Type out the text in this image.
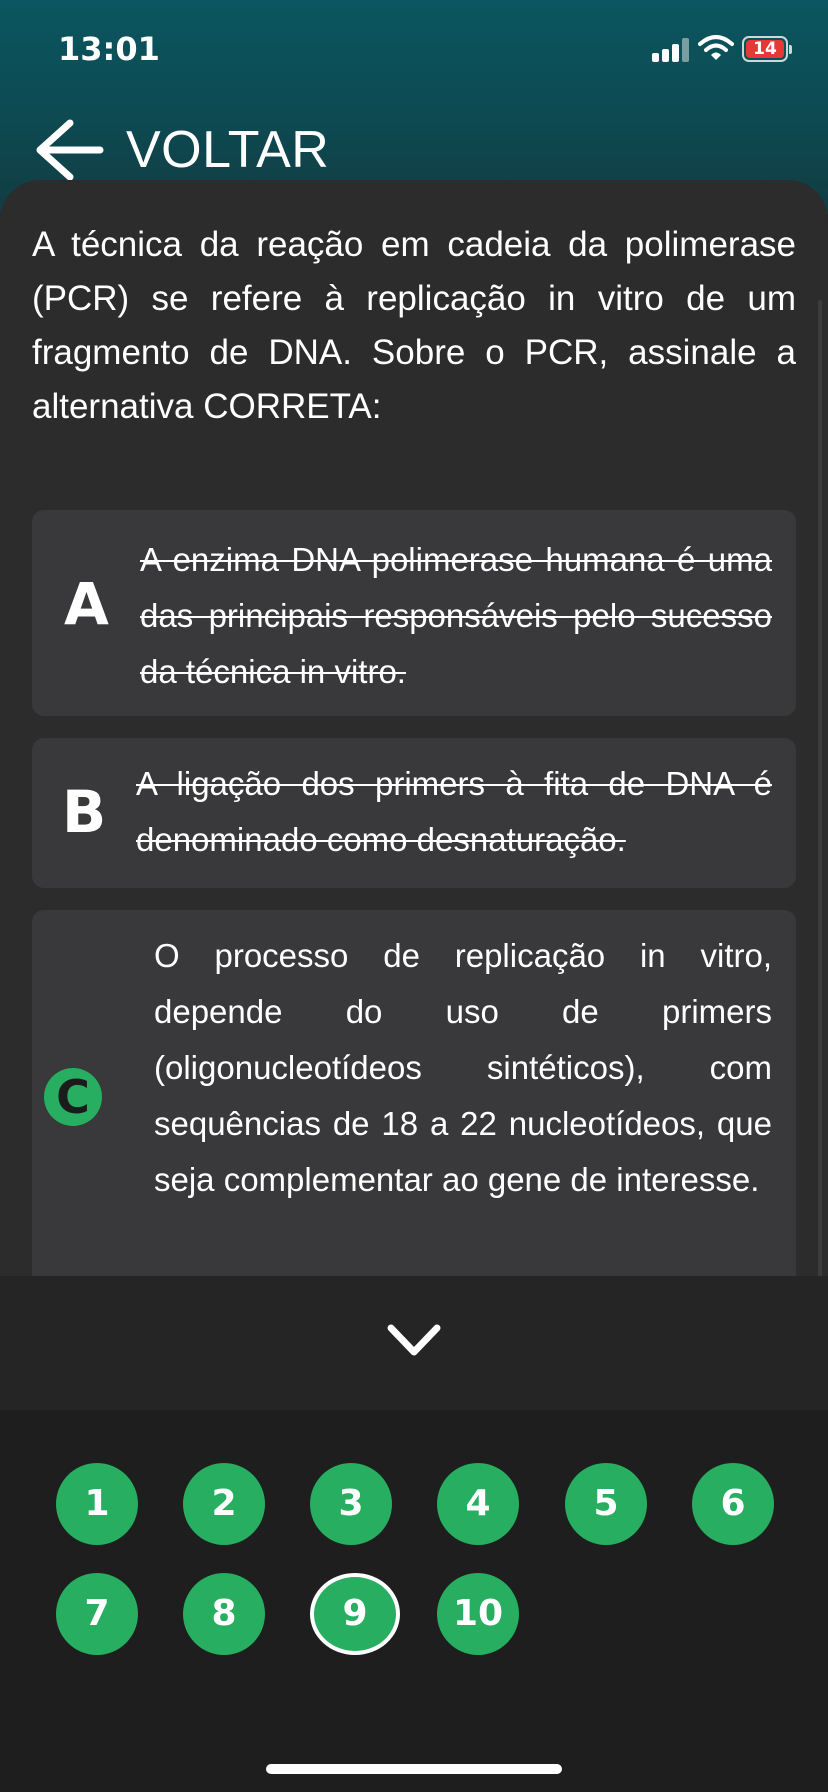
13:01	14
VOLTAR
A técnica da reação em cadeia da polimerase (PCR) se refere à replicação in vitro de um fragmento de DNA. Sobre o PCR, assinale a alternativa CORRETA:
A
A enzima DNA polimerase humana é uma das principais responsáveis pelo sucesso da técnica in vitro.
B A ligação dos primers à fita de DNA é denominado como desnaturação.
C
O processo de replicação in vitro, depende do uso de primers (oligonucleotídeos sintéticos), com sequências de 18 a 22 nucleotídeos, que seja complementar ao gene de interesse.
1	2	3	4	5	6
7	8	9	10
